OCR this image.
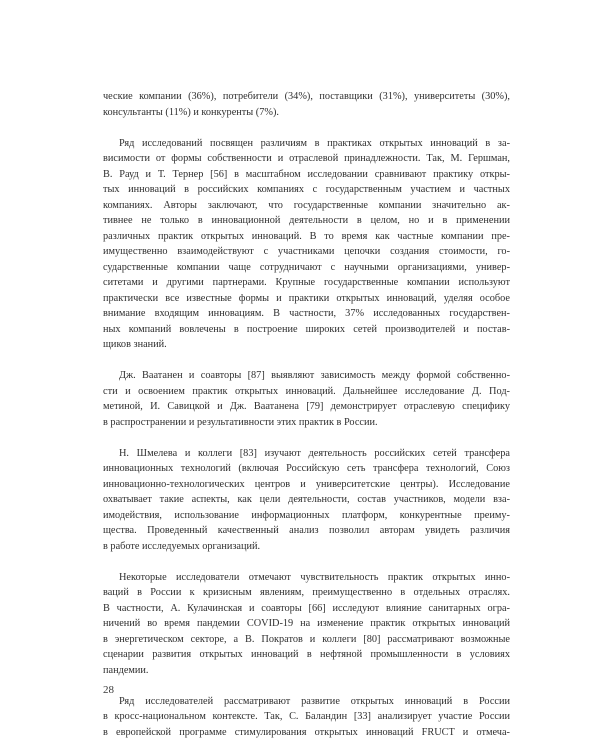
ческие компании (36%), потребители (34%), поставщики (31%), университеты (30%),
консультанты (11%) и конкуренты (7%).
Ряд исследований посвящен различиям в практиках открытых инноваций в за-
висимости от формы собственности и отраслевой принадлежности. Так, М. Гершман,
В. Рауд и Т. Тернер [56] в масштабном исследовании сравнивают практику откры-
тых инноваций в российских компаниях с государственным участием и частных
компаниях. Авторы заключают, что государственные компании значительно ак-
тивнее не только в инновационной деятельности в целом, но и в применении
различных практик открытых инноваций. В то время как частные компании пре-
имущественно взаимодействуют с участниками цепочки создания стоимости, го-
сударственные компании чаще сотрудничают с научными организациями, универ-
ситетами и другими партнерами. Крупные государственные компании используют
практически все известные формы и практики открытых инноваций, уделяя особое
внимание входящим инновациям. В частности, 37% исследованных государствен-
ных компаний вовлечены в построение широких сетей производителей и постав-
щиков знаний.
Дж. Ваатанен и соавторы [87] выявляют зависимость между формой собственно-
сти и освоением практик открытых инноваций. Дальнейшее исследование Д. Под-
метиной, И. Савицкой и Дж. Ваатанена [79] демонстрирует отраслевую специфику
в распространении и результативности этих практик в России.
Н. Шмелева и коллеги [83] изучают деятельность российских сетей трансфера
инновационных технологий (включая Российскую сеть трансфера технологий, Союз
инновационно-технологических центров и университетские центры). Исследование
охватывает такие аспекты, как цели деятельности, состав участников, модели вза-
имодействия, использование информационных платформ, конкурентные преиму-
щества. Проведенный качественный анализ позволил авторам увидеть различия
в работе исследуемых организаций.
Некоторые исследователи отмечают чувствительность практик открытых инно-
ваций в России к кризисным явлениям, преимущественно в отдельных отраслях.
В частности, А. Кулачинская и соавторы [66] исследуют влияние санитарных огра-
ничений во время пандемии COVID-19 на изменение практик открытых инноваций
в энергетическом секторе, а В. Пократов и коллеги [80] рассматривают возможные
сценарии развития открытых инноваций в нефтяной промышленности в условиях
пандемии.
Ряд исследователей рассматривают развитие открытых инноваций в России
в кросс-национальном контексте. Так, С. Баландин [33] анализирует участие России
в европейской программе стимулирования открытых инноваций FRUCT и отмеча-
28
